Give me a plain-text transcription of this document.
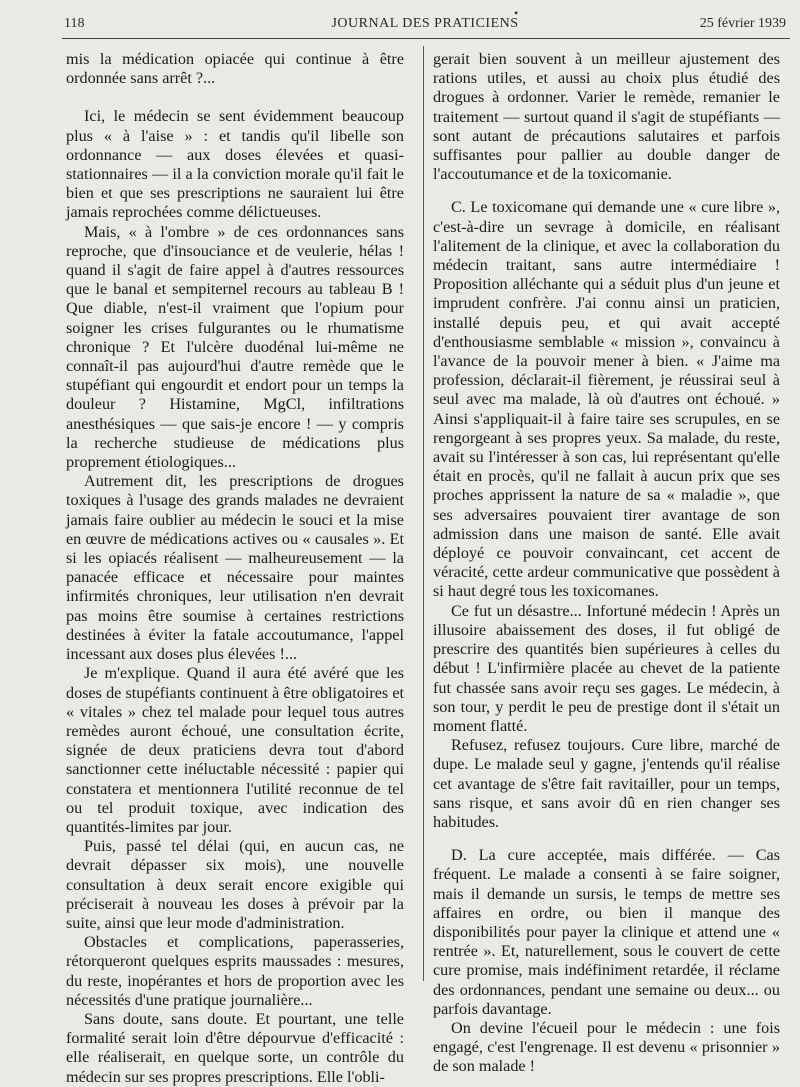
118
•
JOURNAL DES PRATICIENS	25 février 1939

mis la médication opiacée qui continue à être ordonnée sans arrêt ?...

Ici, le médecin se sent évidemment beaucoup plus « à l'aise » : et tandis qu'il libelle son ordonnance — aux doses élevées et quasi-stationnaires — il a la conviction morale qu'il fait le bien et que ses prescriptions ne sauraient lui être jamais reprochées comme délictueuses.

Mais, « à l'ombre » de ces ordonnances sans reproche, que d'insouciance et de veulerie, hélas ! quand il s'agit de faire appel à d'autres ressources que le banal et sempiternel recours au tableau B ! Que diable, n'est-il vraiment que l'opium pour soigner les crises fulgurantes ou le rhumatisme chronique ? Et l'ulcère duodénal lui-même ne connaît-il pas aujourd'hui d'autre remède que le stupéfiant qui engourdit et endort pour un temps la douleur ? Histamine, MgCl, infiltrations anesthésiques — que sais-je encore ! — y compris la recherche studieuse de médications plus proprement étiologiques...

Autrement dit, les prescriptions de drogues toxiques à l'usage des grands malades ne devraient jamais faire oublier au médecin le souci et la mise en œuvre de médications actives ou « causales ». Et si les opiacés réalisent — malheureusement — la panacée efficace et nécessaire pour maintes infirmités chroniques, leur utilisation n'en devrait pas moins être soumise à certaines restrictions destinées à éviter la fatale accoutumance, l'appel incessant aux doses plus élevées !...

Je m'explique. Quand il aura été avéré que les doses de stupéfiants continuent à être obligatoires et « vitales » chez tel malade pour lequel tous autres remèdes auront échoué, une consultation écrite, signée de deux praticiens devra tout d'abord sanctionner cette inéluctable nécessité : papier qui constatera et mentionnera l'utilité reconnue de tel ou tel produit toxique, avec indication des quantités-limites par jour.

Puis, passé tel délai (qui, en aucun cas, ne devrait dépasser six mois), une nouvelle consultation à deux serait encore exigible qui préciserait à nouveau les doses à prévoir par la suite, ainsi que leur mode d'administration.

Obstacles et complications, paperasseries, rétorqueront quelques esprits maussades : mesures, du reste, inopérantes et hors de proportion avec les nécessités d'une pratique journalière...

Sans doute, sans doute. Et pourtant, une telle formalité serait loin d'être dépourvue d'efficacité : elle réaliserait, en quelque sorte, un contrôle du médecin sur ses propres prescriptions. Elle l'obli-

gerait bien souvent à un meilleur ajustement des rations utiles, et aussi au choix plus étudié des drogues à ordonner. Varier le remède, remanier le traitement — surtout quand il s'agit de stupéfiants — sont autant de précautions salutaires et parfois suffisantes pour pallier au double danger de l'accoutumance et de la toxicomanie.

C. Le toxicomane qui demande une « cure libre », c'est-à-dire un sevrage à domicile, en réalisant l'alitement de la clinique, et avec la collaboration du médecin traitant, sans autre intermédiaire ! Proposition alléchante qui a séduit plus d'un jeune et imprudent confrère. J'ai connu ainsi un praticien, installé depuis peu, et qui avait accepté d'enthousiasme semblable « mission », convaincu à l'avance de la pouvoir mener à bien. « J'aime ma profession, déclarait-il fièrement, je réussirai seul à seul avec ma malade, là où d'autres ont échoué. » Ainsi s'appliquait-il à faire taire ses scrupules, en se rengorgeant à ses propres yeux. Sa malade, du reste, avait su l'intéresser à son cas, lui représentant qu'elle était en procès, qu'il ne fallait à aucun prix que ses proches apprissent la nature de sa « maladie », que ses adversaires pouvaient tirer avantage de son admission dans une maison de santé. Elle avait déployé ce pouvoir convaincant, cet accent de véracité, cette ardeur communicative que possèdent à si haut degré tous les toxicomanes.

Ce fut un désastre... Infortuné médecin ! Après un illusoire abaissement des doses, il fut obligé de prescrire des quantités bien supérieures à celles du début ! L'infirmière placée au chevet de la patiente fut chassée sans avoir reçu ses gages. Le médecin, à son tour, y perdit le peu de prestige dont il s'était un moment flatté.

Refusez, refusez toujours. Cure libre, marché de dupe. Le malade seul y gagne, j'entends qu'il réalise cet avantage de s'être fait ravitailler, pour un temps, sans risque, et sans avoir dû en rien changer ses habitudes.

D. La cure acceptée, mais différée. — Cas fréquent. Le malade a consenti à se faire soigner, mais il demande un sursis, le temps de mettre ses affaires en ordre, ou bien il manque des disponibilités pour payer la clinique et attend une « rentrée ». Et, naturellement, sous le couvert de cette cure promise, mais indéfiniment retardée, il réclame des ordonnances, pendant une semaine ou deux... ou parfois davantage.

On devine l'écueil pour le médecin : une fois engagé, c'est l'engrenage. Il est devenu « prisonnier » de son malade !
